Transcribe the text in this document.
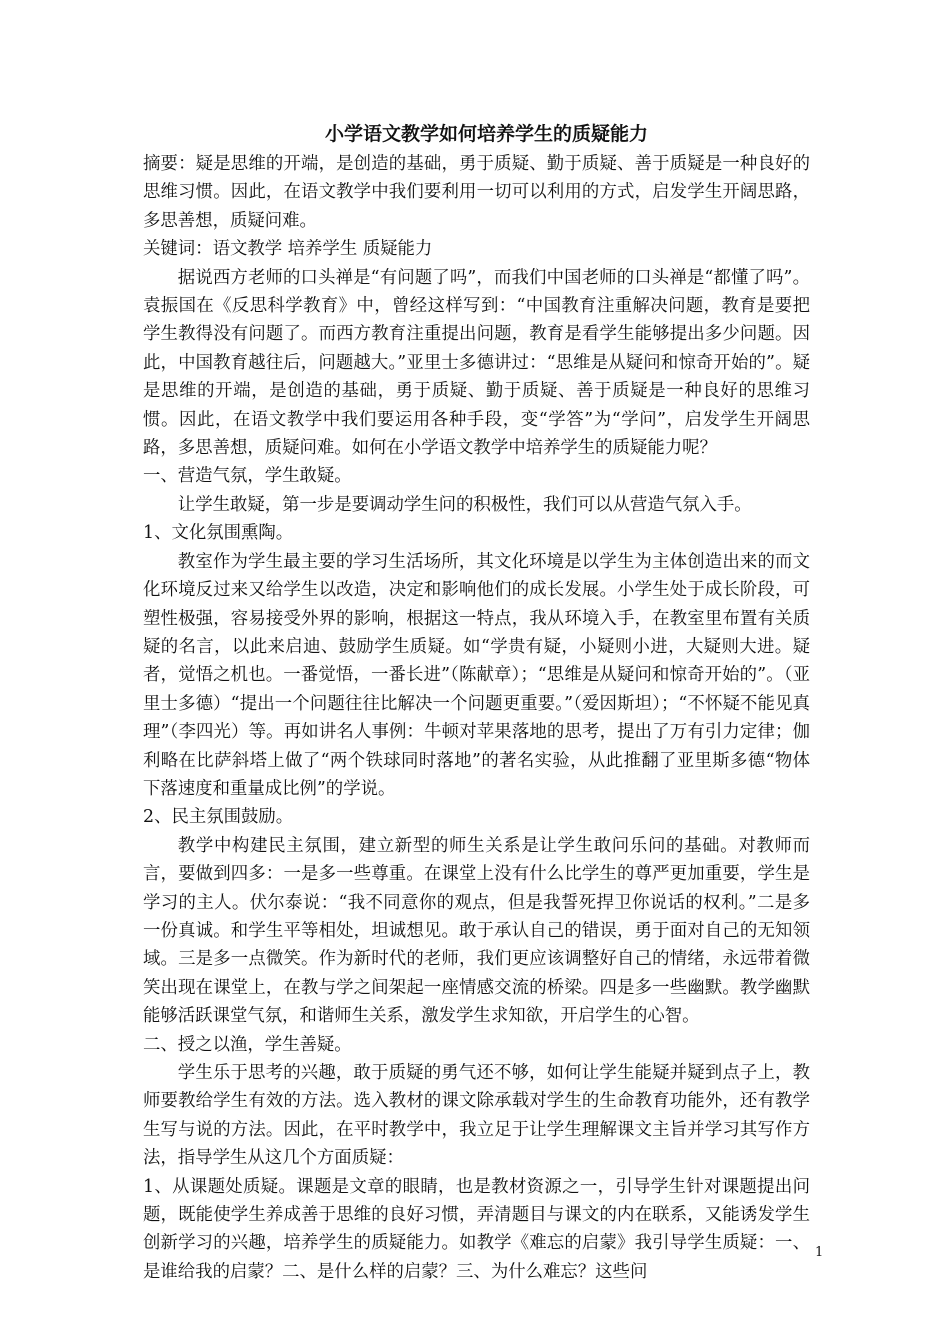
小学语文教学如何培养学生的质疑能力

摘要：疑是思维的开端，是创造的基础，勇于质疑、勤于质疑、善于质疑是一种良好的思维习惯。因此，在语文教学中我们要利用一切可以利用的方式，启发学生开阔思路，多思善想，质疑问难。

关键词：语文教学 培养学生 质疑能力

据说西方老师的口头禅是“有问题了吗”，而我们中国老师的口头禅是“都懂了吗”。袁振国在《反思科学教育》中，曾经这样写到：“中国教育注重解决问题，教育是要把学生教得没有问题了。而西方教育注重提出问题，教育是看学生能够提出多少问题。因此，中国教育越往后，问题越大。”亚里士多德讲过：“思维是从疑问和惊奇开始的”。疑是思维的开端，是创造的基础，勇于质疑、勤于质疑、善于质疑是一种良好的思维习惯。因此，在语文教学中我们要运用各种手段，变“学答”为“学问”，启发学生开阔思路，多思善想，质疑问难。如何在小学语文教学中培养学生的质疑能力呢？

一、营造气氛，学生敢疑。

让学生敢疑，第一步是要调动学生问的积极性，我们可以从营造气氛入手。

1、文化氛围熏陶。

教室作为学生最主要的学习生活场所，其文化环境是以学生为主体创造出来的而文化环境反过来又给学生以改造，决定和影响他们的成长发展。小学生处于成长阶段，可塑性极强，容易接受外界的影响，根据这一特点，我从环境入手，在教室里布置有关质疑的名言，以此来启迪、鼓励学生质疑。如“学贵有疑，小疑则小进，大疑则大进。疑者，觉悟之机也。一番觉悟，一番长进”（陈献章）；“思维是从疑问和惊奇开始的”。（亚里士多德）“提出一个问题往往比解决一个问题更重要。”（爱因斯坦）；“不怀疑不能见真理”（李四光）等。再如讲名人事例：牛顿对苹果落地的思考，提出了万有引力定律；伽利略在比萨斜塔上做了“两个铁球同时落地”的著名实验，从此推翻了亚里斯多德“物体下落速度和重量成比例”的学说。

2、民主氛围鼓励。

教学中构建民主氛围，建立新型的师生关系是让学生敢问乐问的基础。对教师而言，要做到四多：一是多一些尊重。在课堂上没有什么比学生的尊严更加重要，学生是学习的主人。伏尔泰说：“我不同意你的观点，但是我誓死捍卫你说话的权利。”二是多一份真诚。和学生平等相处，坦诚想见。敢于承认自己的错误，勇于面对自己的无知领域。三是多一点微笑。作为新时代的老师，我们更应该调整好自己的情绪，永远带着微笑出现在课堂上，在教与学之间架起一座情感交流的桥梁。四是多一些幽默。教学幽默能够活跃课堂气氛，和谐师生关系，激发学生求知欲，开启学生的心智。

二、授之以渔，学生善疑。

学生乐于思考的兴趣，敢于质疑的勇气还不够，如何让学生能疑并疑到点子上，教师要教给学生有效的方法。选入教材的课文除承载对学生的生命教育功能外，还有教学生写与说的方法。因此，在平时教学中，我立足于让学生理解课文主旨并学习其写作方法，指导学生从这几个方面质疑：

1、从课题处质疑。课题是文章的眼睛，也是教材资源之一，引导学生针对课题提出问题，既能使学生养成善于思维的良好习惯，弄清题目与课文的内在联系，又能诱发学生创新学习的兴趣，培养学生的质疑能力。如教学《难忘的启蒙》我引导学生质疑：一、是谁给我的启蒙？二、是什么样的启蒙？三、为什么难忘？这些问

1
